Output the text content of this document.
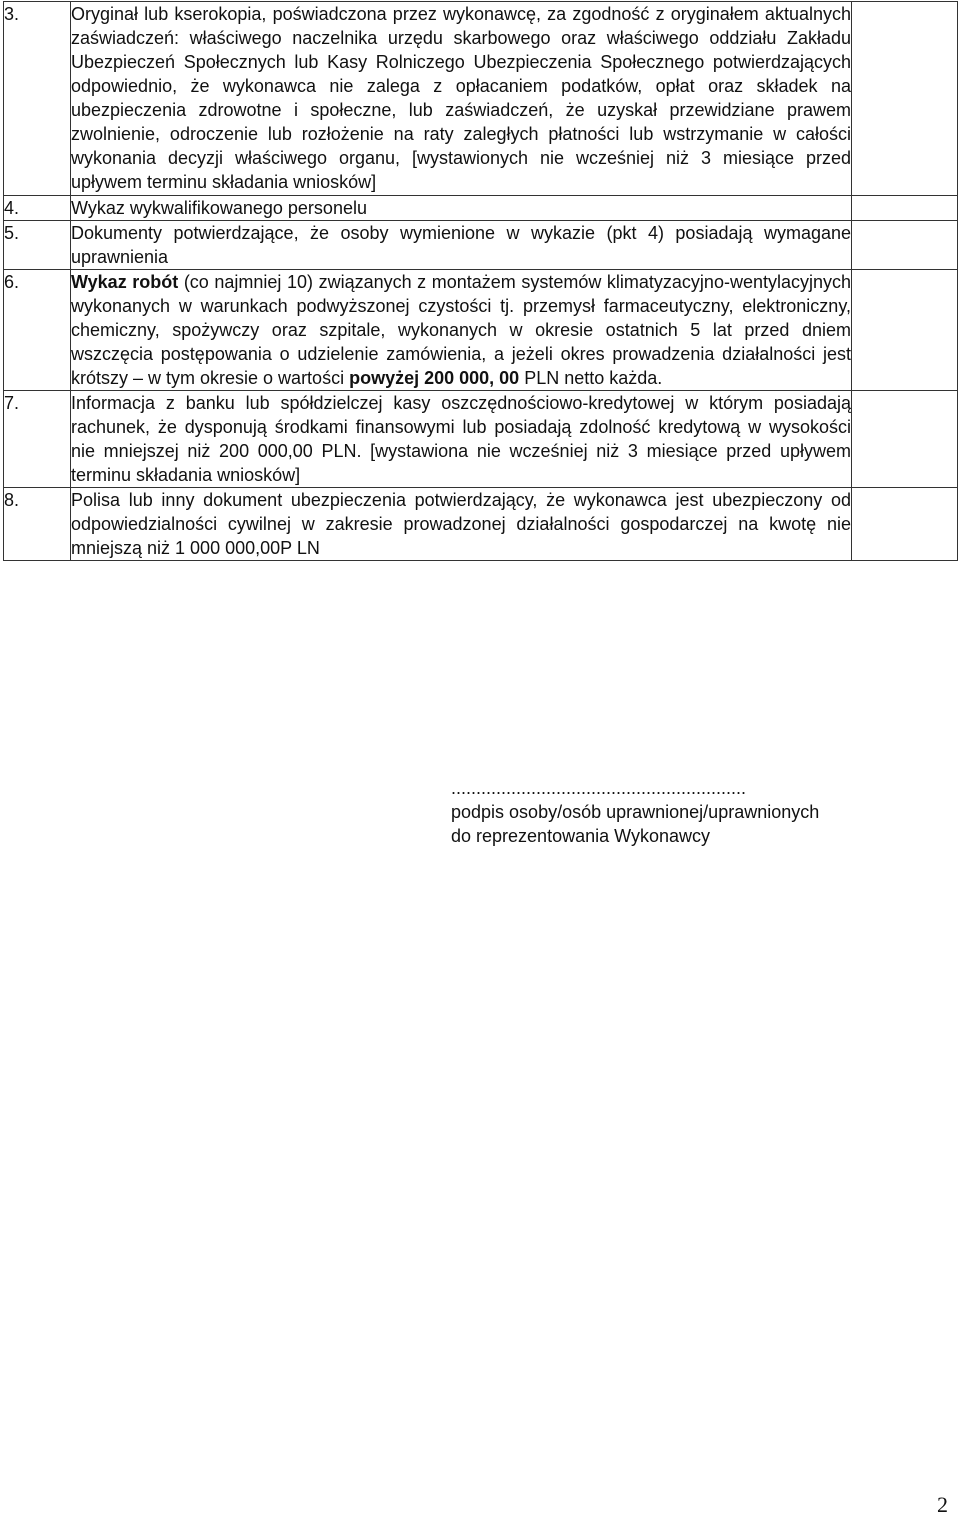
3.	Oryginał lub kserokopia, poświadczona przez wykonawcę, za zgodność z oryginałem aktualnych zaświadczeń: właściwego naczelnika urzędu skarbowego oraz właściwego oddziału Zakładu Ubezpieczeń Społecznych lub Kasy Rolniczego Ubezpieczenia Społecznego potwierdzających odpowiednio, że wykonawca nie zalega z opłacaniem podatków, opłat oraz składek na ubezpieczenia zdrowotne i społeczne, lub zaświadczeń, że uzyskał przewidziane prawem zwolnienie, odroczenie lub rozłożenie na raty zaległych płatności lub wstrzymanie w całości wykonania decyzji właściwego organu, [wystawionych nie wcześniej niż 3 miesiące przed upływem terminu składania wniosków]	
4.	Wykaz wykwalifikowanego personelu	
5.	Dokumenty potwierdzające, że osoby wymienione w wykazie (pkt 4) posiadają wymagane uprawnienia	
6.	Wykaz robót (co najmniej 10) związanych z montażem systemów klimatyzacyjno-wentylacyjnych wykonanych w warunkach podwyższonej czystości tj. przemysł farmaceutyczny, elektroniczny, chemiczny, spożywczy oraz szpitale, wykonanych w okresie ostatnich 5 lat przed dniem wszczęcia postępowania o udzielenie zamówienia, a jeżeli okres prowadzenia działalności jest krótszy – w tym okresie o wartości powyżej 200 000, 00 PLN netto każda.	
7.	Informacja z banku lub spółdzielczej kasy oszczędnościowo-kredytowej w którym posiadają rachunek, że dysponują środkami finansowymi lub posiadają zdolność kredytową w wysokości nie mniejszej niż 200 000,00 PLN. [wystawiona nie wcześniej niż 3 miesiące przed upływem terminu składania wniosków]	
8.	Polisa lub inny dokument ubezpieczenia potwierdzający, że wykonawca jest ubezpieczony od odpowiedzialności cywilnej w zakresie prowadzonej działalności gospodarczej na kwotę nie mniejszą niż 1 000 000,00P LN	
...........................................................
podpis osoby/osób uprawnionej/uprawnionych
do reprezentowania Wykonawcy
2
